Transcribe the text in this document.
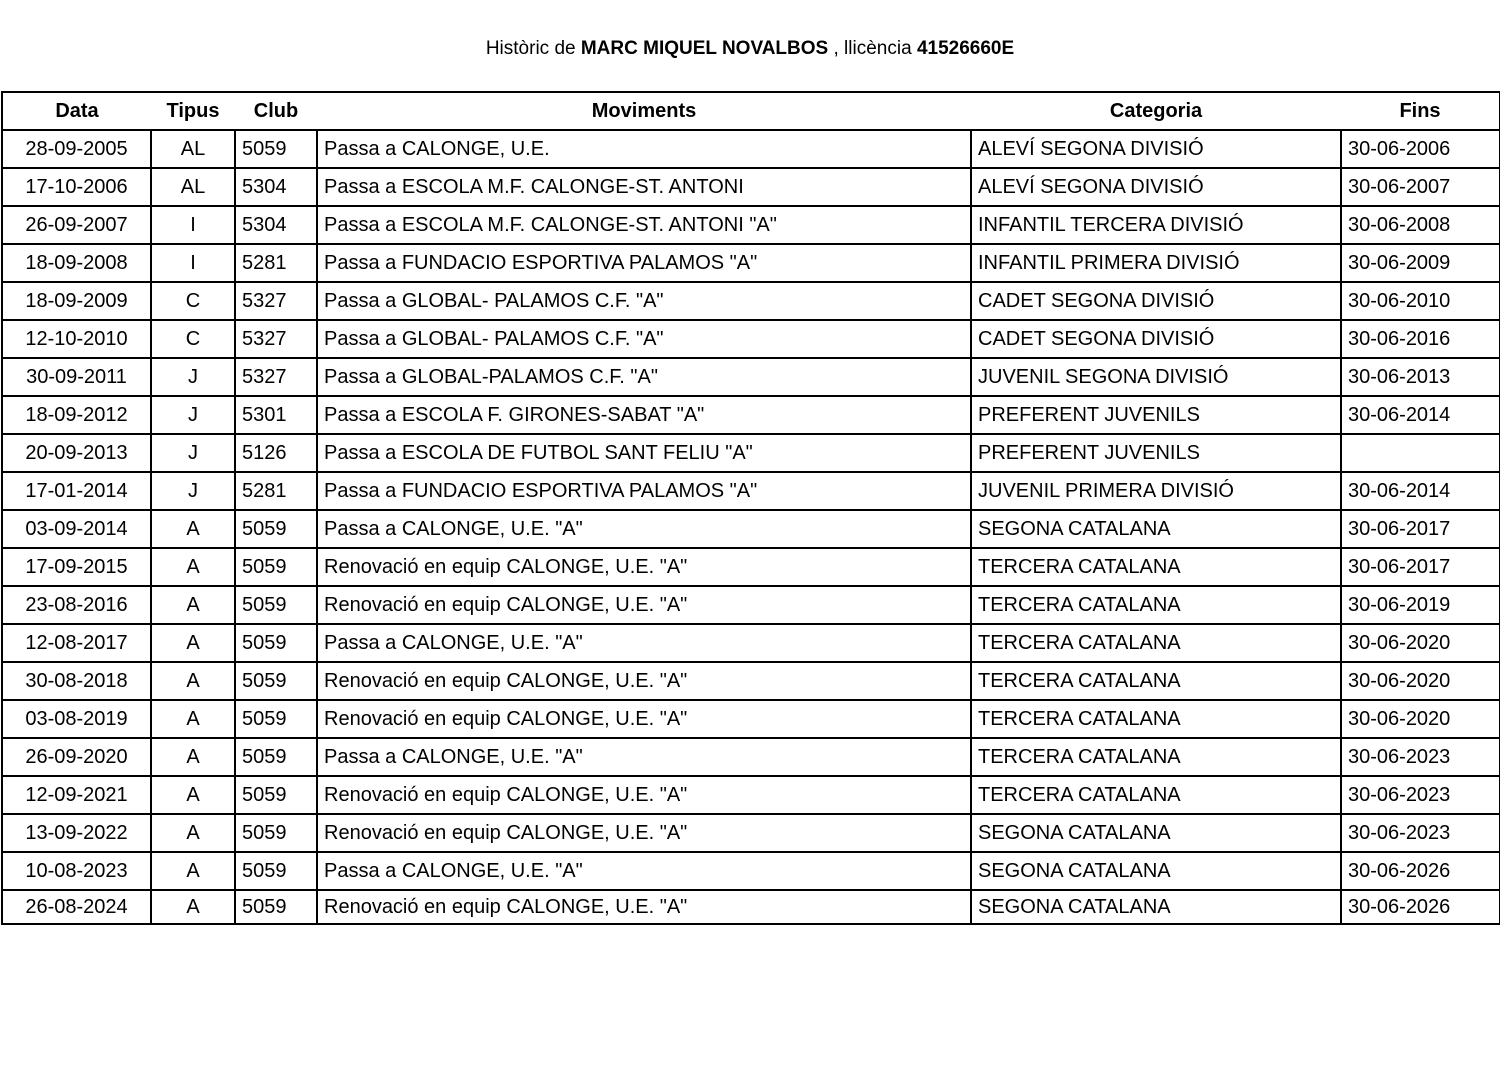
Històric de MARC MIQUEL NOVALBOS , llicència 41526660E
Data	Tipus	Club	Moviments	Categoria	Fins
28-09-2005	AL	5059	Passa a CALONGE, U.E.	ALEVÍ SEGONA DIVISIÓ	30-06-2006
17-10-2006	AL	5304	Passa a ESCOLA M.F. CALONGE-ST. ANTONI	ALEVÍ SEGONA DIVISIÓ	30-06-2007
26-09-2007	I	5304	Passa a ESCOLA M.F. CALONGE-ST. ANTONI "A"	INFANTIL TERCERA DIVISIÓ	30-06-2008
18-09-2008	I	5281	Passa a FUNDACIO ESPORTIVA PALAMOS "A"	INFANTIL PRIMERA DIVISIÓ	30-06-2009
18-09-2009	C	5327	Passa a GLOBAL- PALAMOS C.F. "A"	CADET SEGONA DIVISIÓ	30-06-2010
12-10-2010	C	5327	Passa a GLOBAL- PALAMOS C.F. "A"	CADET SEGONA DIVISIÓ	30-06-2016
30-09-2011	J	5327	Passa a GLOBAL-PALAMOS C.F. "A"	JUVENIL SEGONA DIVISIÓ	30-06-2013
18-09-2012	J	5301	Passa a ESCOLA F. GIRONES-SABAT "A"	PREFERENT JUVENILS	30-06-2014
20-09-2013	J	5126	Passa a ESCOLA DE FUTBOL SANT FELIU "A"	PREFERENT JUVENILS	
17-01-2014	J	5281	Passa a FUNDACIO ESPORTIVA PALAMOS "A"	JUVENIL PRIMERA DIVISIÓ	30-06-2014
03-09-2014	A	5059	Passa a CALONGE, U.E. "A"	SEGONA CATALANA	30-06-2017
17-09-2015	A	5059	Renovació en equip CALONGE, U.E. "A"	TERCERA CATALANA	30-06-2017
23-08-2016	A	5059	Renovació en equip CALONGE, U.E. "A"	TERCERA CATALANA	30-06-2019
12-08-2017	A	5059	Passa a CALONGE, U.E. "A"	TERCERA CATALANA	30-06-2020
30-08-2018	A	5059	Renovació en equip CALONGE, U.E. "A"	TERCERA CATALANA	30-06-2020
03-08-2019	A	5059	Renovació en equip CALONGE, U.E. "A"	TERCERA CATALANA	30-06-2020
26-09-2020	A	5059	Passa a CALONGE, U.E. "A"	TERCERA CATALANA	30-06-2023
12-09-2021	A	5059	Renovació en equip CALONGE, U.E. "A"	TERCERA CATALANA	30-06-2023
13-09-2022	A	5059	Renovació en equip CALONGE, U.E. "A"	SEGONA CATALANA	30-06-2023
10-08-2023	A	5059	Passa a CALONGE, U.E. "A"	SEGONA CATALANA	30-06-2026
26-08-2024	A	5059	Renovació en equip CALONGE, U.E. "A"	SEGONA CATALANA	30-06-2026
